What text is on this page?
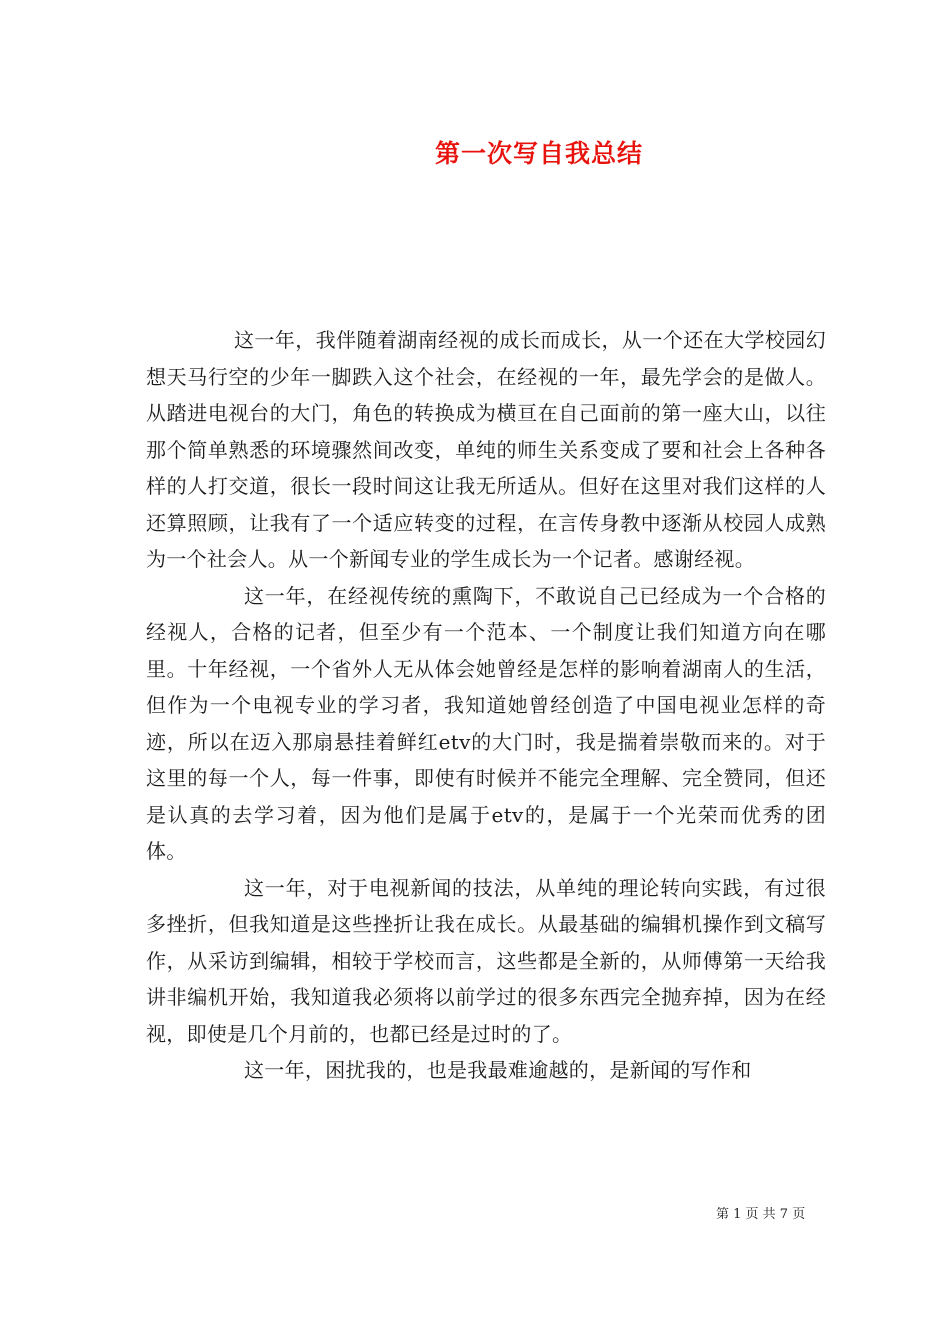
第一次写自我总结

这一年，我伴随着湖南经视的成长而成长，从一个还在大学校园幻想天马行空的少年一脚跌入这个社会，在经视的一年，最先学会的是做人。从踏进电视台的大门，角色的转换成为横亘在自己面前的第一座大山，以往那个简单熟悉的环境骤然间改变，单纯的师生关系变成了要和社会上各种各样的人打交道，很长一段时间这让我无所适从。但好在这里对我们这样的人还算照顾，让我有了一个适应转变的过程，在言传身教中逐渐从校园人成熟为一个社会人。从一个新闻专业的学生成长为一个记者。感谢经视。

这一年，在经视传统的熏陶下，不敢说自己已经成为一个合格的经视人，合格的记者，但至少有一个范本、一个制度让我们知道方向在哪里。十年经视，一个省外人无从体会她曾经是怎样的影响着湖南人的生活，但作为一个电视专业的学习者，我知道她曾经创造了中国电视业怎样的奇迹，所以在迈入那扇悬挂着鲜红etv的大门时，我是揣着崇敬而来的。对于这里的每一个人，每一件事，即使有时候并不能完全理解、完全赞同，但还是认真的去学习着，因为他们是属于etv的，是属于一个光荣而优秀的团体。

这一年，对于电视新闻的技法，从单纯的理论转向实践，有过很多挫折，但我知道是这些挫折让我在成长。从最基础的编辑机操作到文稿写作，从采访到编辑，相较于学校而言，这些都是全新的，从师傅第一天给我讲非编机开始，我知道我必须将以前学过的很多东西完全抛弃掉，因为在经视，即使是几个月前的，也都已经是过时的了。

这一年，困扰我的，也是我最难逾越的，是新闻的写作和

第 1 页 共 7 页
